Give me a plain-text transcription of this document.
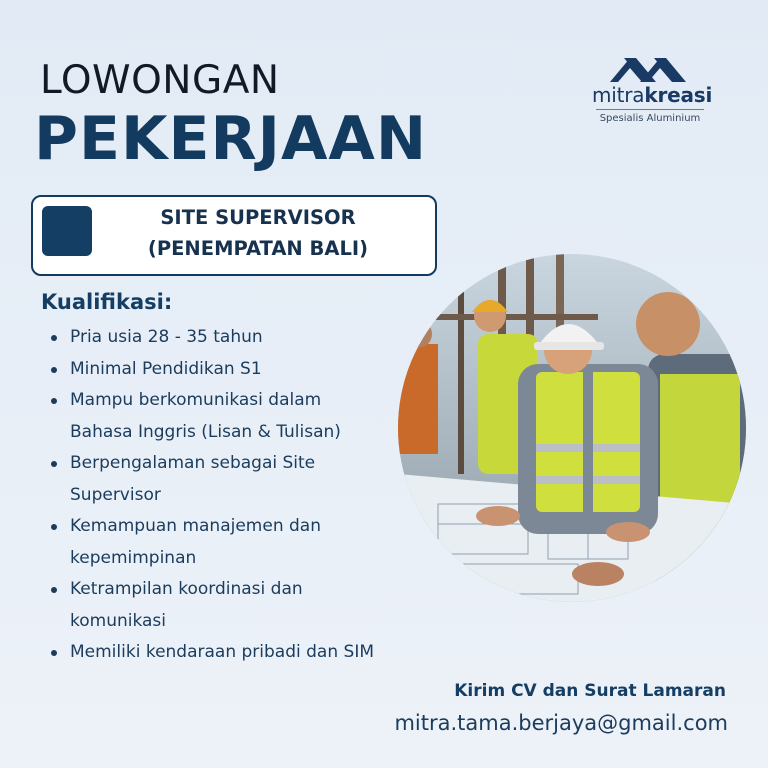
LOWONGAN
PEKERJAAN
mitrakreasi
Spesialis Aluminium
SITE SUPERVISOR
(PENEMPATAN BALI)
Kualifikasi:
Pria usia 28 - 35 tahun
Minimal Pendidikan S1
Mampu berkomunikasi dalam Bahasa Inggris (Lisan & Tulisan)
Berpengalaman sebagai Site Supervisor
Kemampuan manajemen dan kepemimpinan
Ketrampilan koordinasi dan komunikasi
Memiliki kendaraan pribadi dan SIM
Kirim CV dan Surat Lamaran
mitra.tama.berjaya@gmail.com
